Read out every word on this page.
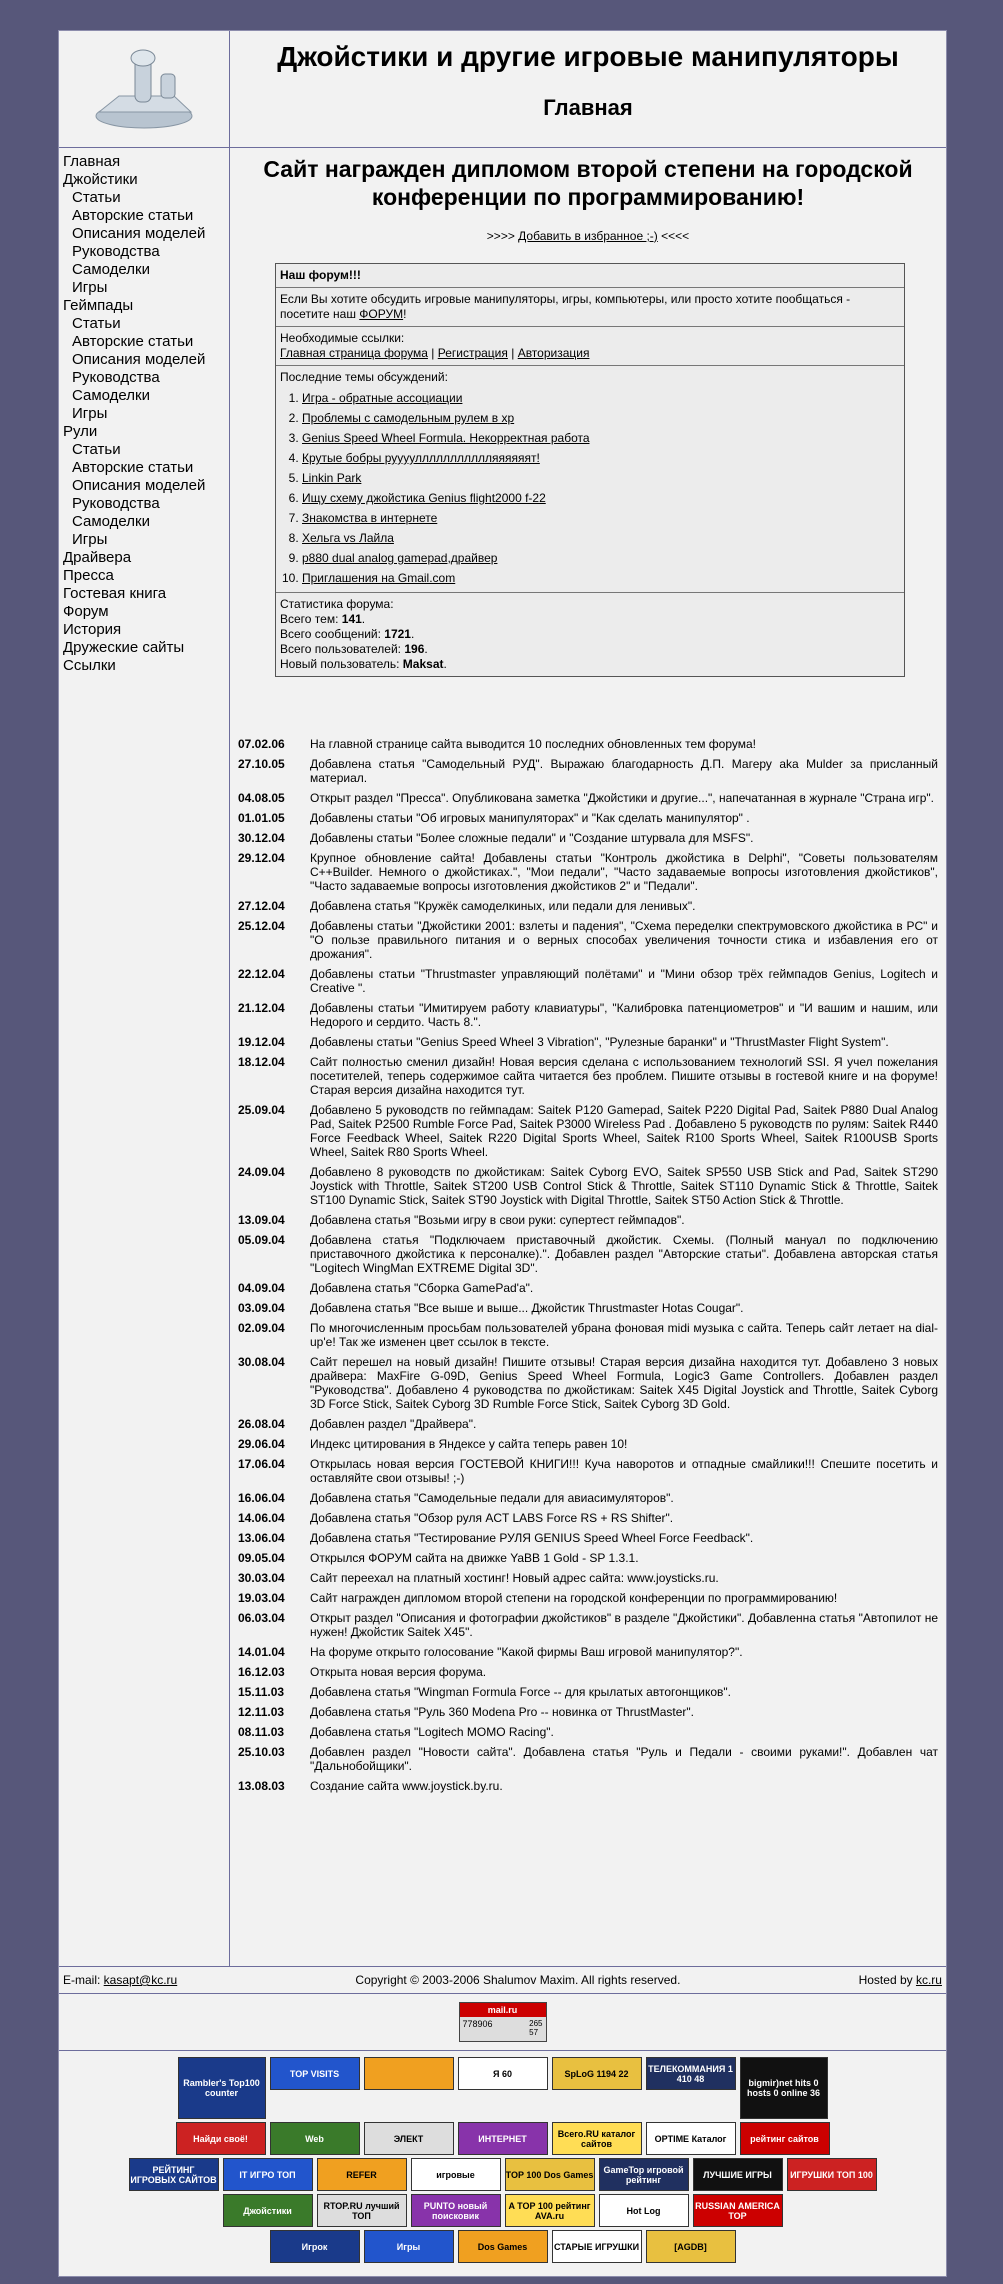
Джойстики и другие игровые манипуляторы
Главная
Главная
Джойстики
Статьи
Авторские статьи
Описания моделей
Руководства
Самоделки
Игры
Геймпады
Статьи
Авторские статьи
Описания моделей
Руководства
Самоделки
Игры
Рули
Статьи
Авторские статьи
Описания моделей
Руководства
Самоделки
Игры
Драйвера
Пресса
Гостевая книга
Форум
История
Дружеские сайты
Ссылки
Сайт награжден дипломом второй степени на городской конференции по программированию!
>>>> Добавить в избранное ;-) <<<<
Наш форум!!!
Если Вы хотите обсудить игровые манипуляторы, игры, компьютеры, или просто хотите пообщаться - посетите наш ФОРУМ!
Необходимые ссылки:
Главная страница форума | Регистрация | Авторизация
Последние темы обсуждений:
1. Игра - обратные ассоциации
2. Проблемы с самодельным рулем в xp
3. Genius Speed Wheel Formula. Некорректная работа
4. Крутые бобры рууууллллллллллляяяяяят!
5. Linkin Park
6. Ищу схему джойстика Genius flight2000 f-22
7. Знакомства в интернете
8. Хельга vs Лайла
9. p880 dual analog gamepad,драйвер
10. Приглашения на Gmail.com
Статистика форума:
Всего тем: 141.
Всего сообщений: 1721.
Всего пользователей: 196.
Новый пользователь: Maksat.
07.02.06	На главной странице сайта выводится 10 последних обновленных тем форума!
27.10.05	Добавлена статья "Самодельный РУД". Выражаю благодарность Д.П. Магеру aka Mulder за присланный материал.
04.08.05	Открыт раздел "Пресса". Опубликована заметка "Джойстики и другие...", напечатанная в журнале "Страна игр".
01.01.05	Добавлены статьи "Об игровых манипуляторах" и "Как сделать манипулятор" .
30.12.04	Добавлены статьи "Более сложные педали" и "Создание штурвала для MSFS".
29.12.04	Крупное обновление сайта! Добавлены статьи "Контроль джойстика в Delphi", "Советы пользователям C++Builder. Немного о джойстиках.", "Мои педали", "Часто задаваемые вопросы изготовления джойстиков", "Часто задаваемые вопросы изготовления джойстиков 2" и "Педали".
27.12.04	Добавлена статья "Кружёк самоделкиных, или педали для ленивых".
25.12.04	Добавлены статьи "Джойстики 2001: взлеты и падения", "Схема переделки спектрумовского джойстика в PC" и "О пользе правильного питания и о верных способах увеличения точности стика и избавления его от дрожания".
22.12.04	Добавлены статьи "Thrustmaster управляющий полётами" и "Мини обзор трёх геймпадов Genius, Logitech и Creative ".
21.12.04	Добавлены статьи "Имитируем работу клавиатуры", "Калибровка патенциометров" и "И вашим и нашим, или Недорого и сердито. Часть 8.".
19.12.04	Добавлены статьи "Genius Speed Wheel 3 Vibration", "Рулезные баранки" и "ThrustMaster Flight System".
18.12.04	Сайт полностью сменил дизайн! Новая версия сделана с использованием технологий SSI. Я учел пожелания посетителей, теперь содержимое сайта читается без проблем. Пишите отзывы в гостевой книге и на форуме! Старая версия дизайна находится тут.
25.09.04	Добавлено 5 руководств по геймпадам: Saitek P120 Gamepad, Saitek P220 Digital Pad, Saitek P880 Dual Analog Pad, Saitek P2500 Rumble Force Pad, Saitek P3000 Wireless Pad . Добавлено 5 руководств по рулям: Saitek R440 Force Feedback Wheel, Saitek R220 Digital Sports Wheel, Saitek R100 Sports Wheel, Saitek R100USB Sports Wheel, Saitek R80 Sports Wheel.
24.09.04	Добавлено 8 руководств по джойстикам: Saitek Cyborg EVO, Saitek SP550 USB Stick and Pad, Saitek ST290 Joystick with Throttle, Saitek ST200 USB Control Stick & Throttle, Saitek ST110 Dynamic Stick & Throttle, Saitek ST100 Dynamic Stick, Saitek ST90 Joystick with Digital Throttle, Saitek ST50 Action Stick & Throttle.
13.09.04	Добавлена статья "Возьми игру в свои руки: супертест геймпадов".
05.09.04	Добавлена статья "Подключаем приставочный джойстик. Схемы. (Полный мануал по подключению приставочного джойстика к персоналке).". Добавлен раздел "Авторские статьи". Добавлена авторская статья "Logitech WingMan EXTREME Digital 3D".
04.09.04	Добавлена статья "Сборка GamePad'а".
03.09.04	Добавлена статья "Все выше и выше... Джойстик Thrustmaster Hotas Cougar".
02.09.04	По многочисленным просьбам пользователей убрана фоновая midi музыка с сайта. Теперь сайт летает на dial-up'е! Так же изменен цвет ссылок в тексте.
30.08.04	Сайт перешел на новый дизайн! Пишите отзывы! Старая версия дизайна находится тут. Добавлено 3 новых драйвера: MaxFire G-09D, Genius Speed Wheel Formula, Logic3 Game Controllers. Добавлен раздел "Руководства". Добавлено 4 руководства по джойстикам: Saitek X45 Digital Joystick and Throttle, Saitek Cyborg 3D Force Stick, Saitek Cyborg 3D Rumble Force Stick, Saitek Cyborg 3D Gold.
26.08.04	Добавлен раздел "Драйвера".
29.06.04	Индекс цитирования в Яндексе у сайта теперь равен 10!
17.06.04	Открылась новая версия ГОСТЕВОЙ КНИГИ!!! Куча наворотов и отпадные смайлики!!! Спешите посетить и оставляйте свои отзывы! ;-)
16.06.04	Добавлена статья "Самодельные педали для авиасимуляторов".
14.06.04	Добавлена статья "Обзор руля ACT LABS Force RS + RS Shifter".
13.06.04	Добавлена статья "Тестирование РУЛЯ GENIUS Speed Wheel Force Feedback".
09.05.04	Открылся ФОРУМ сайта на движке YaBB 1 Gold - SP 1.3.1.
30.03.04	Сайт переехал на платный хостинг! Новый адрес сайта: www.joysticks.ru.
19.03.04	Сайт награжден дипломом второй степени на городской конференции по программированию!
06.03.04	Открыт раздел "Описания и фотографии джойстиков" в разделе "Джойстики". Добавленна статья "Автопилот не нужен! Джойстик Saitek X45".
14.01.04	На форуме открыто голосование "Какой фирмы Ваш игровой манипулятор?".
16.12.03	Открыта новая версия форума.
15.11.03	Добавлена статья "Wingman Formula Force -- для крылатых автогонщиков".
12.11.03	Добавлена статья "Руль 360 Modena Pro -- новинка от ThrustMaster".
08.11.03	Добавлена статья "Logitech MOMO Racing".
25.10.03	Добавлен раздел "Новости сайта". Добавлена статья "Руль и Педали - своими руками!". Добавлен чат "Дальнобойщики".
13.08.03	Создание сайта www.joystick.by.ru.
E-mail: kasapt@kc.ru	Copyright © 2003-2006 Shalumov Maxim. All rights reserved.	Hosted by kc.ru
mail.ru
778906	265
57
Rambler's Top100 counter
TOP VISITS	Я 60	SpLoG 1194 22	ТЕЛЕКОММАНИЯ 1 410 48	bigmir)net hits 0 hosts 0 online 36
Найди своё!	Web	ЭЛЕКТ	ИНТЕРНЕТ	Всего.RU каталог сайтов	OPTIME Каталог	рейтинг сайтов
РЕЙТИНГ ИГРОВЫХ САЙТОВ	IT ИГРО ТОП	REFER	игровые	TOP 100 Dos Games	GameTop игровой рейтинг	ЛУЧШИЕ ИГРЫ	ИГРУШКИ ТОП 100
Джойстики	RTOP.RU лучший ТОП
PUNTO новый поисковик
A TOP 100 рейтинг AVA.ru	Hot Log	RUSSIAN AMERICA TOP
Игрок	Игры	Dos Games	СТАРЫЕ ИГРУШКИ	[AGDB]
